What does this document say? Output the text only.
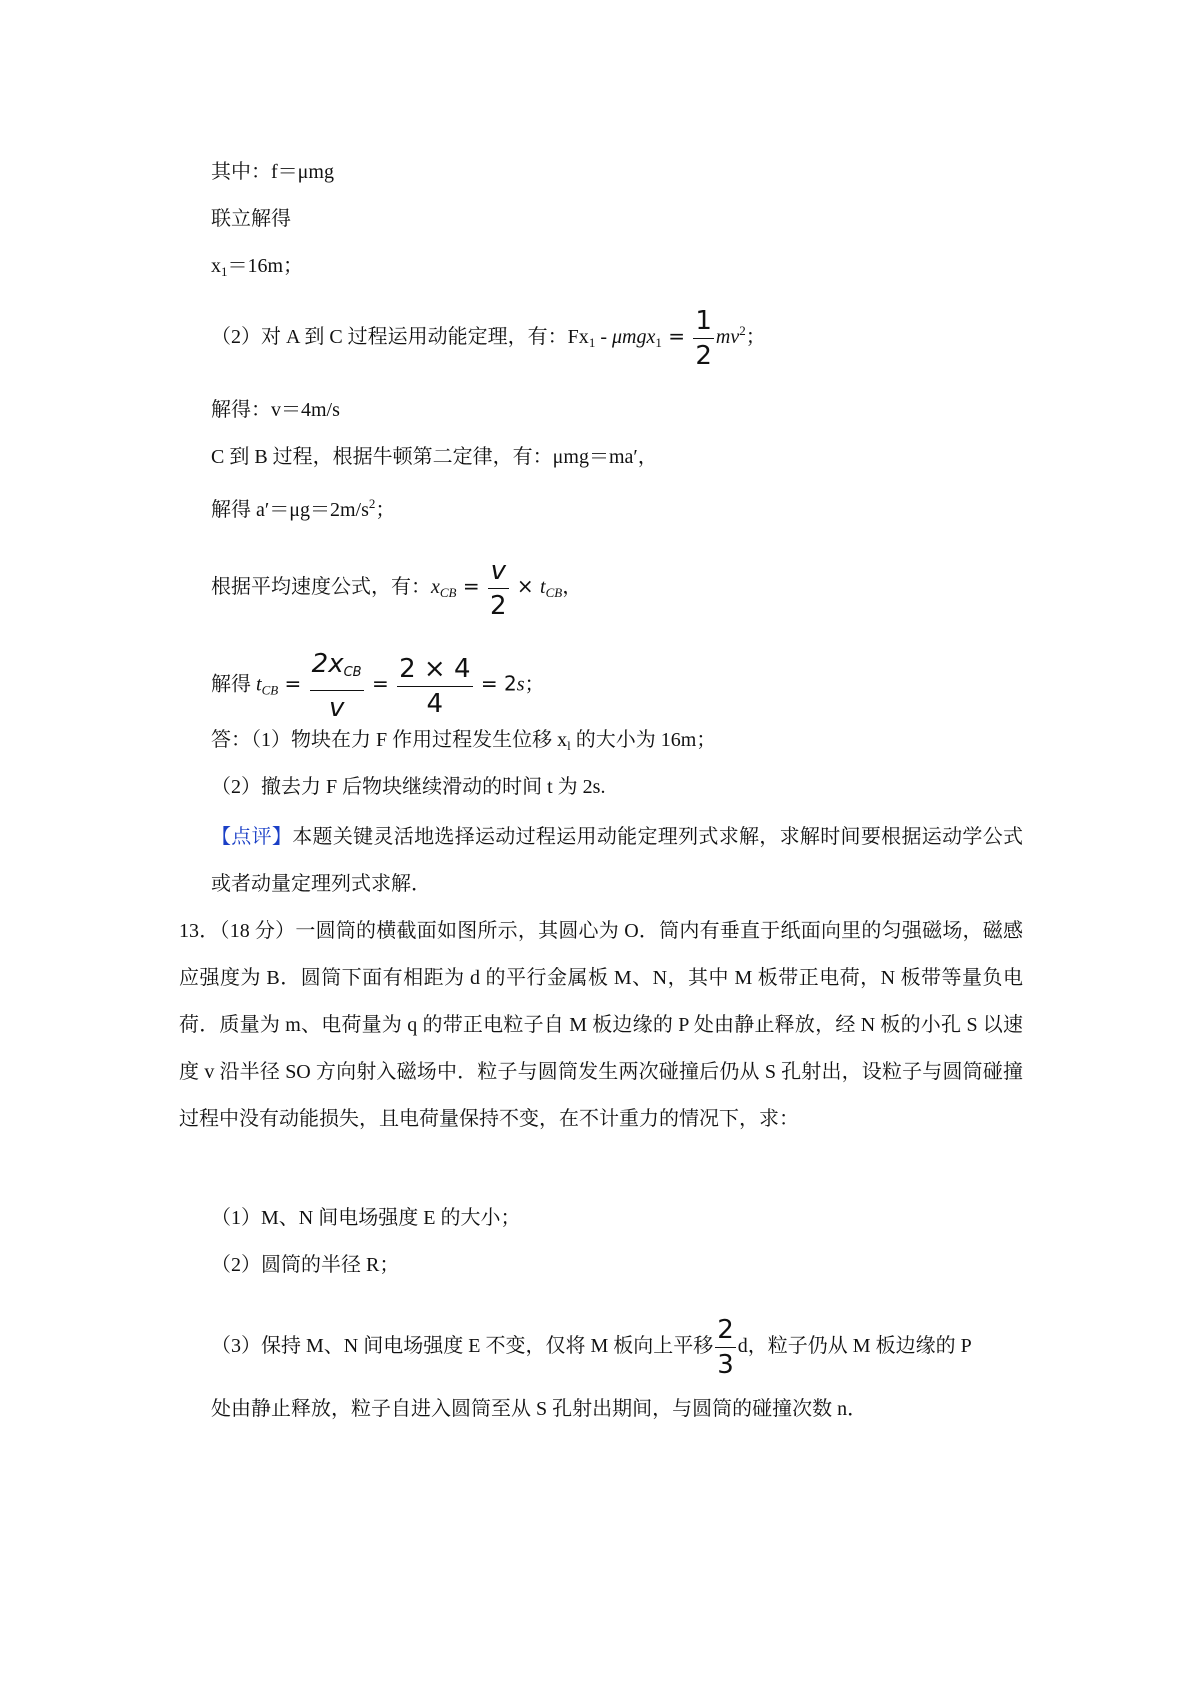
其中：f＝μmg
联立解得
$x_1=16m$；
（2）对 A 到 C 过程运用动能定理，有：$Fx_1 - \mu mgx_1 = \frac{1}{2} mv^2$；
解得：v＝4m/s
C 到 B 过程，根据牛顿第二定律，有：μmg＝ma′，
解得 $a'=\mu g=2m/s^2$；
根据平均速度公式，有：$x_{CB} = \frac{v}{2} \times t_{CB}$，
解得 $t_{CB} = \frac{2x_{CB}}{v} = \frac{2 \times 4}{4} = 2s$；
答：（1）物块在力 F 作用过程发生位移 $x_l$ 的大小为 16m；
（2）撤去力 F 后物块继续滑动的时间 t 为 2s.
【点评】本题关键灵活地选择运动过程运用动能定理列式求解，求解时间要根据运动学公式或者动量定理列式求解．
13．（18 分）一圆筒的横截面如图所示，其圆心为 O．筒内有垂直于纸面向里的匀强磁场，磁感应强度为 B．圆筒下面有相距为 d 的平行金属板 M、N，其中 M 板带正电荷，N 板带等量负电荷．质量为 m、电荷量为 q 的带正电粒子自 M 板边缘的 P 处由静止释放，经 N 板的小孔 S 以速度 v 沿半径 SO 方向射入磁场中．粒子与圆筒发生两次碰撞后仍从 S 孔射出，设粒子与圆筒碰撞过程中没有动能损失，且电荷量保持不变，在不计重力的情况下，求：
（1）M、N 间电场强度 E 的大小；
（2）圆筒的半径 R；
（3）保持 M、N 间电场强度 E 不变，仅将 M 板向上平移 $\frac{2}{3}$ d，粒子仍从 M 板边缘的 P
处由静止释放，粒子自进入圆筒至从 S 孔射出期间，与圆筒的碰撞次数 n．
